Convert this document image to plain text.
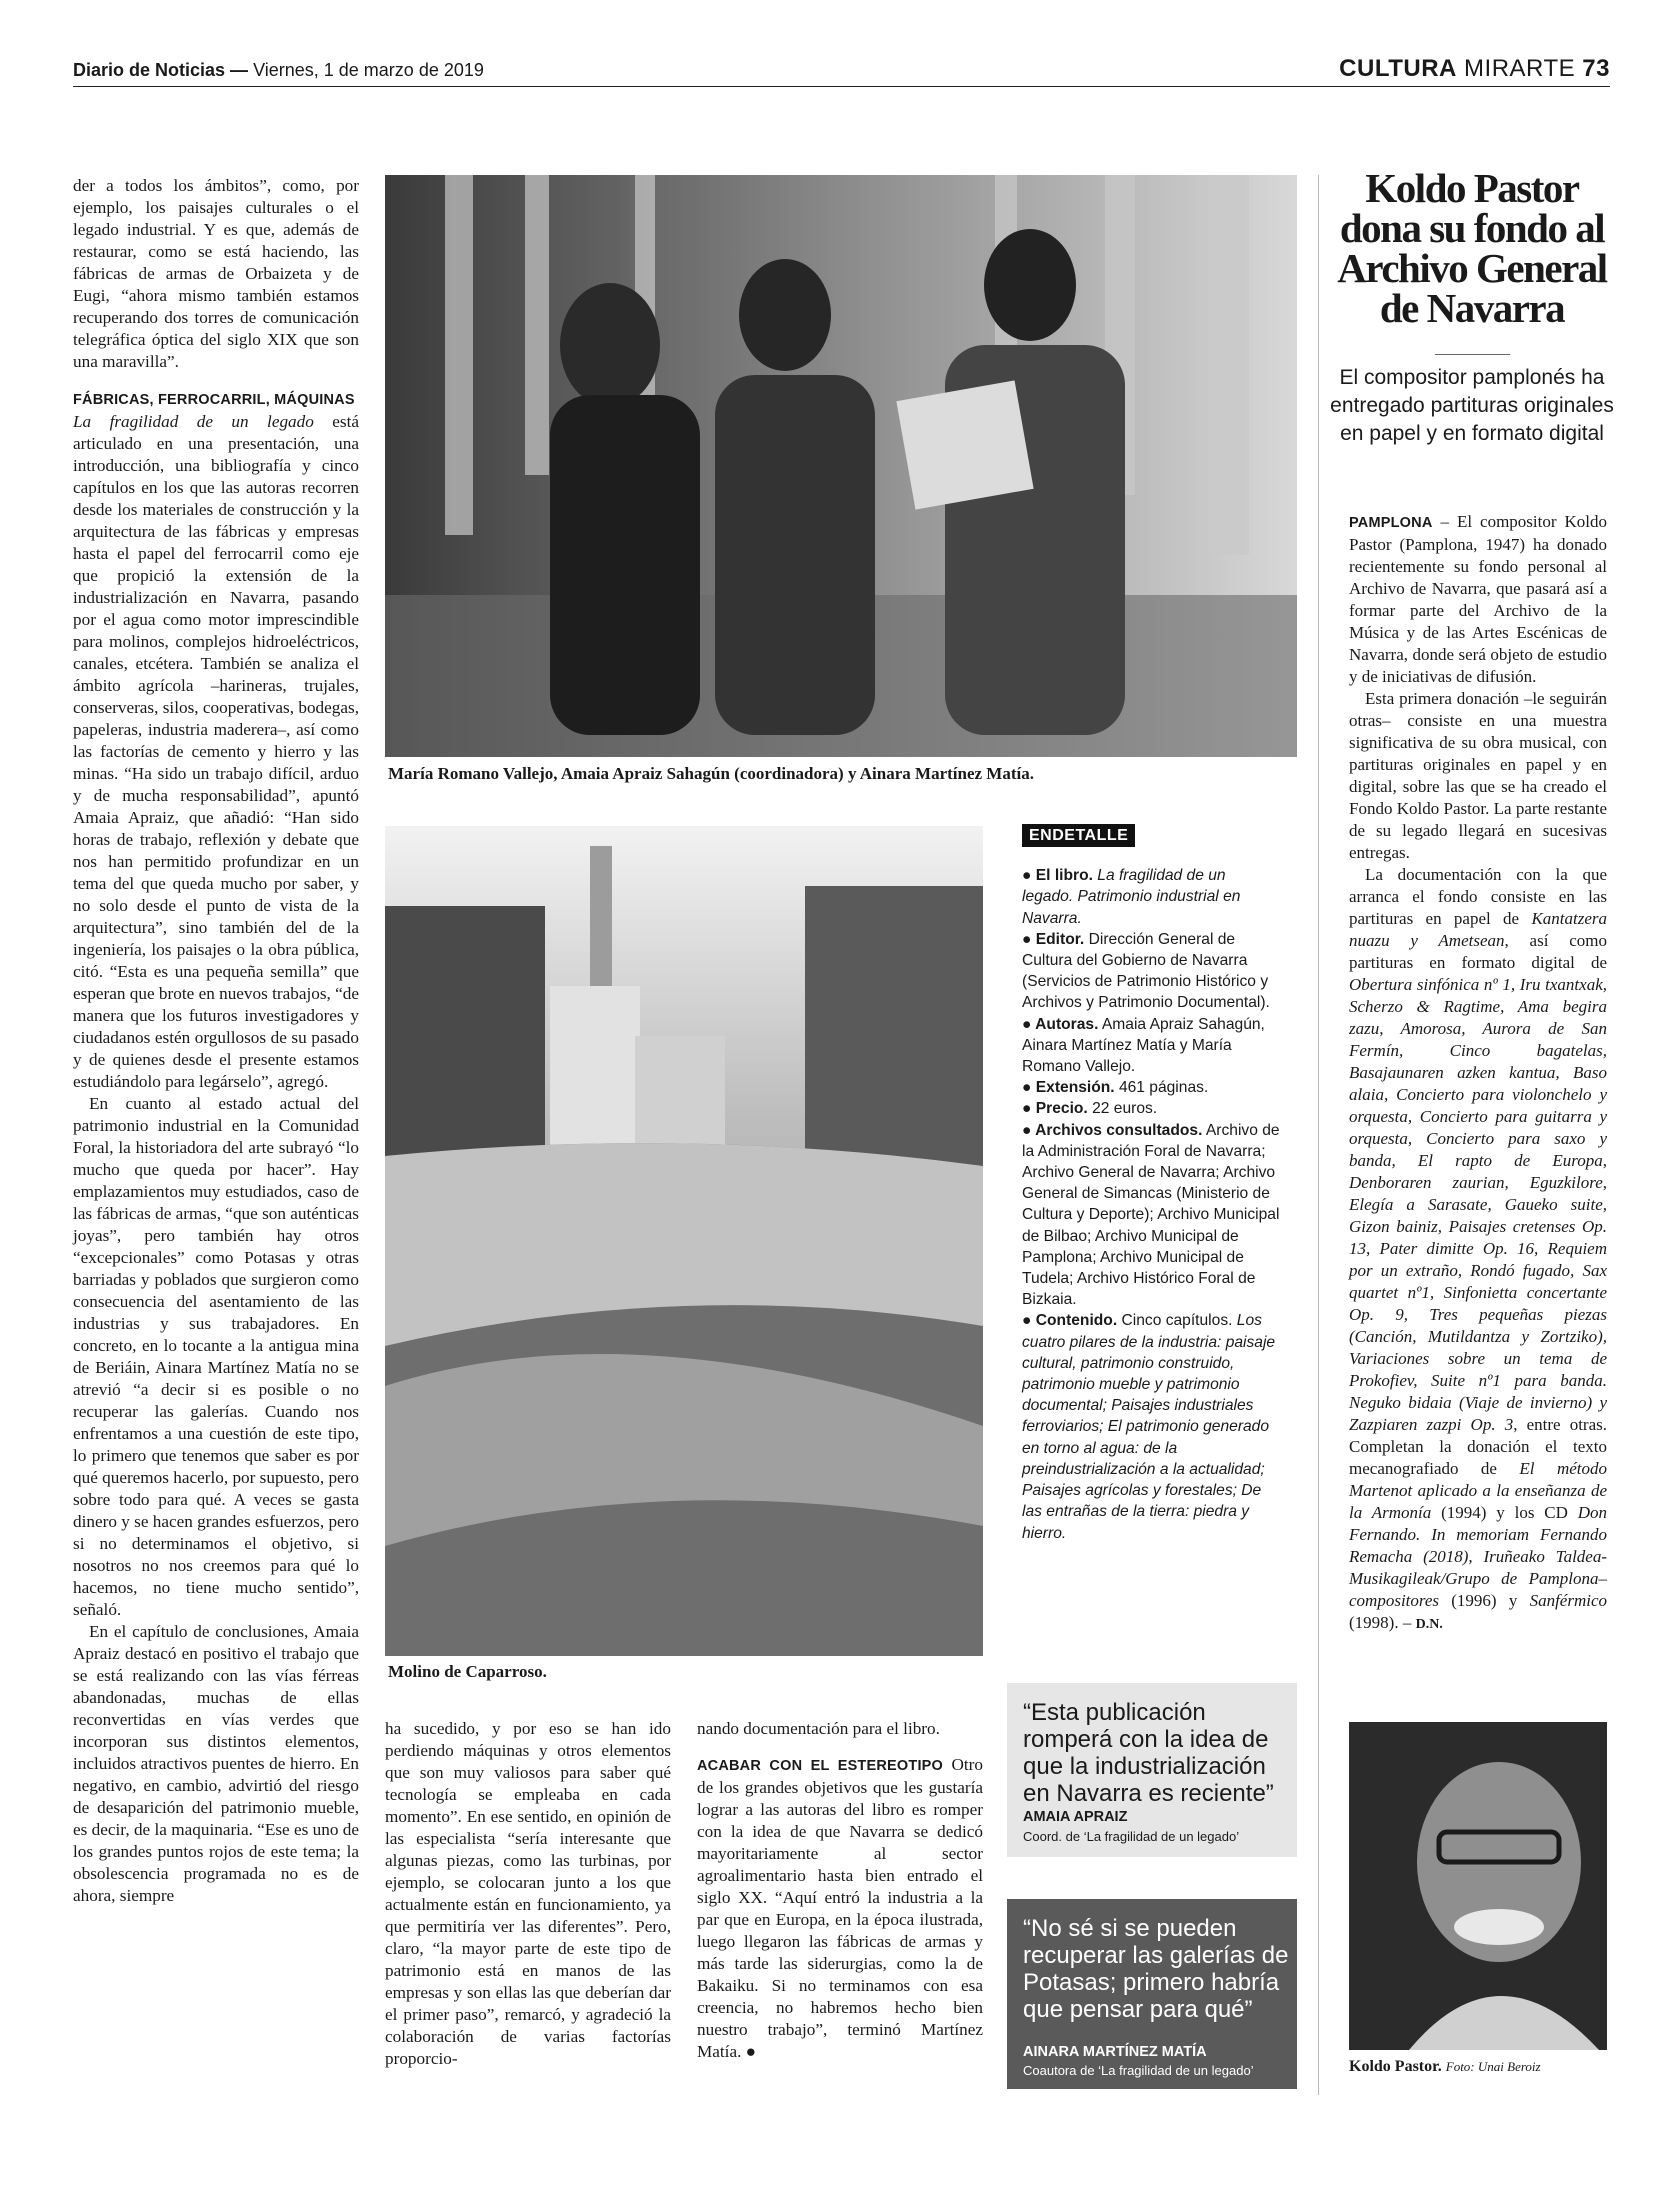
Diario de Noticias — Viernes, 1 de marzo de 2019	CULTURA MIRARTE 73
María Romano Vallejo, Amaia Apraiz Sahagún (coordinadora) y Ainara Martínez Matía.
Molino de Caparroso.

der a todos los ámbitos”, como, por ejemplo, los paisajes culturales o el legado industrial. Y es que, además de restaurar, como se está haciendo, las fábricas de armas de Orbaizeta y de Eugi, “ahora mismo también estamos recuperando dos torres de comunicación telegráfica óptica del siglo XIX que son una maravilla”.

FÁBRICAS, FERROCARRIL, MÁQUINAS

La fragilidad de un legado está articulado en una presentación, una introducción, una bibliografía y cinco capítulos en los que las autoras recorren desde los materiales de construcción y la arquitectura de las fábricas y empresas hasta el papel del ferrocarril como eje que propició la extensión de la industrialización en Navarra, pasando por el agua como motor imprescindible para molinos, complejos hidroeléctricos, canales, etcétera. También se analiza el ámbito agrícola –harineras, trujales, conserveras, silos, cooperativas, bodegas, papeleras, industria maderera–, así como las factorías de cemento y hierro y las minas. “Ha sido un trabajo difícil, arduo y de mucha responsabilidad”, apuntó Amaia Apraiz, que añadió: “Han sido horas de trabajo, reflexión y debate que nos han permitido profundizar en un tema del que queda mucho por saber, y no solo desde el punto de vista de la arquitectura”, sino también del de la ingeniería, los paisajes o la obra pública, citó. “Esta es una pequeña semilla” que esperan que brote en nuevos trabajos, “de manera que los futuros investigadores y ciudadanos estén orgullosos de su pasado y de quienes desde el presente estamos estudiándolo para legárselo”, agregó.

En cuanto al estado actual del patrimonio industrial en la Comunidad Foral, la historiadora del arte subrayó “lo mucho que queda por hacer”. Hay emplazamientos muy estudiados, caso de las fábricas de armas, “que son auténticas joyas”, pero también hay otros “excepcionales” como Potasas y otras barriadas y poblados que surgieron como consecuencia del asentamiento de las industrias y sus trabajadores. En concreto, en lo tocante a la antigua mina de Beriáin, Ainara Martínez Matía no se atrevió “a decir si es posible o no recuperar las galerías. Cuando nos enfrentamos a una cuestión de este tipo, lo primero que tenemos que saber es por qué queremos hacerlo, por supuesto, pero sobre todo para qué. A veces se gasta dinero y se hacen grandes esfuerzos, pero si no determinamos el objetivo, si nosotros no nos creemos para qué lo hacemos, no tiene mucho sentido”, señaló.

En el capítulo de conclusiones, Amaia Apraiz destacó en positivo el trabajo que se está realizando con las vías férreas abandonadas, muchas de ellas reconvertidas en vías verdes que incorporan sus distintos elementos, incluidos atractivos puentes de hierro. En negativo, en cambio, advirtió del riesgo de desaparición del patrimonio mueble, es decir, de la maquinaria. “Ese es uno de los grandes puntos rojos de este tema; la obsolescencia programada no es de ahora, siempre

ha sucedido, y por eso se han ido perdiendo máquinas y otros elementos que son muy valiosos para saber qué tecnología se empleaba en cada momento”. En ese sentido, en opinión de las especialista “sería interesante que algunas piezas, como las turbinas, por ejemplo, se colocaran junto a los que actualmente están en funcionamiento, ya que permitiría ver las diferentes”. Pero, claro, “la mayor parte de este tipo de patrimonio está en manos de las empresas y son ellas las que deberían dar el primer paso”, remarcó, y agradeció la colaboración de varias factorías proporcio-

nando documentación para el libro.

ACABAR CON EL ESTEREOTIPO Otro de los grandes objetivos que les gustaría lograr a las autoras del libro es romper con la idea de que Navarra se dedicó mayoritariamente al sector agroalimentario hasta bien entrado el siglo XX. “Aquí entró la industria a la par que en Europa, en la época ilustrada, luego llegaron las fábricas de armas y más tarde las siderurgias, como la de Bakaiku. Si no terminamos con esa creencia, no habremos hecho bien nuestro trabajo”, terminó Martínez Matía. ●

ENDETALLE
● El libro. La fragilidad de un legado. Patrimonio industrial en Navarra.
● Editor. Dirección General de Cultura del Gobierno de Navarra (Servicios de Patrimonio Histórico y Archivos y Patrimonio Documental).
● Autoras. Amaia Apraiz Sahagún, Ainara Martínez Matía y María Romano Vallejo.
● Extensión. 461 páginas.
● Precio. 22 euros.
● Archivos consultados. Archivo de la Administración Foral de Navarra; Archivo General de Navarra; Archivo General de Simancas (Ministerio de Cultura y Deporte); Archivo Municipal de Bilbao; Archivo Municipal de Pamplona; Archivo Municipal de Tudela; Archivo Histórico Foral de Bizkaia.
● Contenido. Cinco capítulos. Los cuatro pilares de la industria: paisaje cultural, patrimonio construido, patrimonio mueble y patrimonio documental; Paisajes industriales ferroviarios; El patrimonio generado en torno al agua: de la preindustrialización a la actualidad; Paisajes agrícolas y forestales; De las entrañas de la tierra: piedra y hierro.
“Esta publicación romperá con la idea de que la industrialización en Navarra es reciente”
AMAIA APRAIZ
Coord. de ‘La fragilidad de un legado’
“No sé si se pueden recuperar las galerías de Potasas; primero habría que pensar para qué”
AINARA MARTÍNEZ MATÍA
Coautora de ‘La fragilidad de un legado’
Koldo Pastor dona su fondo al Archivo General de Navarra
El compositor pamplonés ha entregado partituras originales en papel y en formato digital

PAMPLONA – El compositor Koldo Pastor (Pamplona, 1947) ha donado recientemente su fondo personal al Archivo de Navarra, que pasará así a formar parte del Archivo de la Música y de las Artes Escénicas de Navarra, donde será objeto de estudio y de iniciativas de difusión.

Esta primera donación –le seguirán otras– consiste en una muestra significativa de su obra musical, con partituras originales en papel y en digital, sobre las que se ha creado el Fondo Koldo Pastor. La parte restante de su legado llegará en sucesivas entregas.

La documentación con la que arranca el fondo consiste en las partituras en papel de Kantatzera nuazu y Ametsean, así como partituras en formato digital de Obertura sinfónica nº 1, Iru txantxak, Scherzo & Ragtime, Ama begira zazu, Amorosa, Aurora de San Fermín, Cinco bagatelas, Basajaunaren azken kantua, Baso alaia, Concierto para violonchelo y orquesta, Concierto para guitarra y orquesta, Concierto para saxo y banda, El rapto de Europa, Denboraren zaurian, Eguzkilore, Elegía a Sarasate, Gaueko suite, Gizon bainiz, Paisajes cretenses Op. 13, Pater dimitte Op. 16, Requiem por un extraño, Rondó fugado, Sax quartet nº1, Sinfonietta concertante Op. 9, Tres pequeñas piezas (Canción, Mutildantza y Zortziko), Variaciones sobre un tema de Prokofiev, Suite nº1 para banda. Neguko bidaia (Viaje de invierno) y Zazpiaren zazpi Op. 3, entre otras. Completan la donación el texto mecanografiado de El método Martenot aplicado a la enseñanza de la Armonía (1994) y los CD Don Fernando. In memoriam Fernando Remacha (2018), Iruñeako Taldea-Musikagileak/Grupo de Pamplona–compositores (1996) y Sanférmico (1998). – D.N.

Koldo Pastor. Foto: Unai Beroiz
